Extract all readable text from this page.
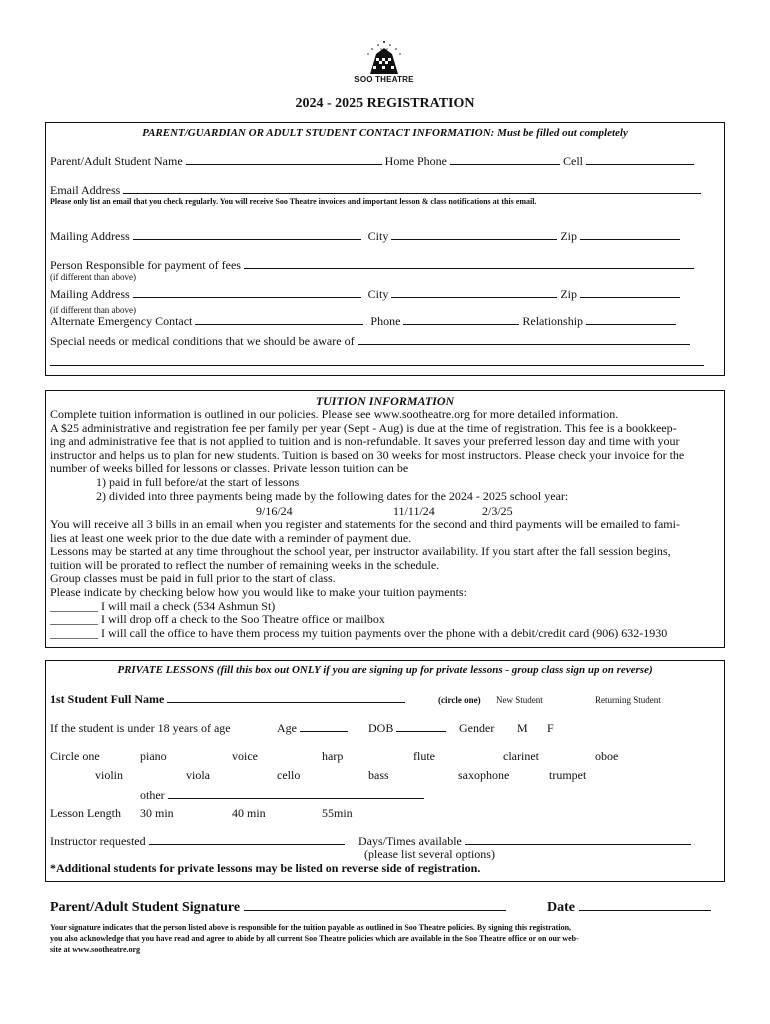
SOO THEATRE
2024 - 2025 REGISTRATION
PARENT/GUARDIAN OR ADULT STUDENT CONTACT INFORMATION: Must be filled out completely
Parent/Adult Student Name	Home Phone	Cell
Email Address
Please only list an email that you check regularly. You will receive Soo Theatre invoices and important lesson & class notifications at this email.
Mailing Address	City	Zip
Person Responsible for payment of fees
(if different than above)
Mailing Address	City	Zip
(if different than above)
Alternate Emergency Contact	Phone	Relationship
Special needs or medical conditions that we should be aware of
TUITION INFORMATION
Complete tuition information is outlined in our policies. Please see www.sootheatre.org for more detailed information.
A $25 administrative and registration fee per family per year (Sept - Aug) is due at the time of registration. This fee is a bookkeep-
ing and administrative fee that is not applied to tuition and is non-refundable. It saves your preferred lesson day and time with your
instructor and helps us to plan for new students. Tuition is based on 30 weeks for most instructors. Please check your invoice for the
number of weeks billed for lessons or classes. Private lesson tuition can be
1) paid in full before/at the start of lessons
2) divided into three payments being made by the following dates for the 2024 - 2025 school year:
9/16/24	11/11/24	2/3/25
You will receive all 3 bills in an email when you register and statements for the second and third payments will be emailed to fami-
lies at least one week prior to the due date with a reminder of payment due.
Lessons may be started at any time throughout the school year, per instructor availability. If you start after the fall session begins,
tuition will be prorated to reflect the number of remaining weeks in the schedule.
Group classes must be paid in full prior to the start of class.
Please indicate by checking below how you would like to make your tuition payments:
________ I will mail a check (534 Ashmun St)
________ I will drop off a check to the Soo Theatre office or mailbox
________ I will call the office to have them process my tuition payments over the phone with a debit/credit card (906) 632-1930
PRIVATE LESSONS (fill this box out ONLY if you are signing up for private lessons - group class sign up on reverse)
1st Student Full Name	(circle one) New Student	Returning Student
If the student is under 18 years of age	Age	DOB	Gender M F
Circle one	piano	voice	harp	flute	clarinet	oboe
violin	viola	cello	bass	saxophone	trumpet
other
Lesson Length 30 min	40 min	55min
Instructor requested	Days/Times available
(please list several options)
*Additional students for private lessons may be listed on reverse side of registration.
Parent/Adult Student Signature	Date
Your signature indicates that the person listed above is responsible for the tuition payable as outlined in Soo Theatre policies. By signing this registration,
you also acknowledge that you have read and agree to abide by all current Soo Theatre policies which are available in the Soo Theatre office or on our web-
site at www.sootheatre.org
